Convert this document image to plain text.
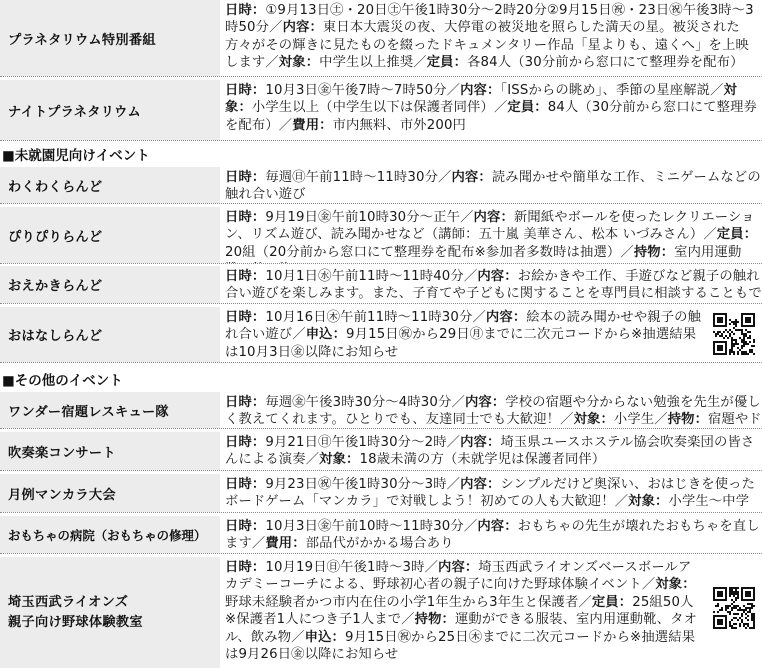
プラネタリウム特別番組
日時：①9月13日㊏・20日㊏午後1時30分～2時20分②9月15日㊗・23日㊗午後3時～3時50分／内容：東日本大震災の夜、大停電の被災地を照らした満天の星。被災された方々がその輝きに見たものを綴ったドキュメンタリー作品「星よりも、遠くへ」を上映します／対象：中学生以上推奨／定員：各84人（30分前から窓口にて整理券を配布）
ナイトプラネタリウム
日時：10月3日㊎午後7時～7時50分／内容：「ISSからの眺め」、季節の星座解説／対象：小学生以上（中学生以下は保護者同伴）／定員：84人（30分前から窓口にて整理券を配布）／費用：市内無料、市外200円
■未就園児向けイベント
わくわくらんど
日時：毎週㊐午前11時～11時30分／内容：読み聞かせや簡単な工作、ミニゲームなどの触れ合い遊び
ぴりぴりらんど
日時：9月19日㊎午前10時30分～正午／内容：新聞紙やボールを使ったレクリエーション、リズム遊び、読み聞かせなど（講師：五十嵐 美華さん、松本 いづみさん）／定員：20組（20分前から窓口にて整理券を配布※参加者多数時は抽選）／持物：室内用運動
おえかきらんど
日時：10月1日㊌午前11時～11時40分／内容：お絵かきや工作、手遊びなど親子の触れ合い遊びを楽しみます。また、子育てや子どもに関することを専門員に相談することもで
おはなしらんど
日時：10月16日㊍午前11時～11時30分／内容：絵本の読み聞かせや親子の触れ合い遊び／申込：9月15日㊗から29日㊊までに二次元コードから※抽選結果は10月3日㊎以降にお知らせ
■その他のイベント
ワンダー宿題レスキュー隊
日時：毎週㊎午後3時30分～4時30分／内容：学校の宿題や分からない勉強を先生が優しく教えてくれます。ひとりでも、友達同士でも大歓迎！／対象：小学生／持物：宿題やド
吹奏楽コンサート
日時：9月21日㊐午後1時30分～2時／内容：埼玉県ユースホステル協会吹奏楽団の皆さんによる演奏／対象：18歳未満の方（未就学児は保護者同伴）
月例マンカラ大会
日時：9月23日㊗午後1時30分～3時／内容：シンプルだけど奥深い、おはじきを使ったボードゲーム「マンカラ」で対戦しよう！初めての人も大歓迎！／対象：小学生～中学
おもちゃの病院（おもちゃの修理）
日時：10月3日㊎午前10時～11時30分／内容：おもちゃの先生が壊れたおもちゃを直します／費用：部品代がかかる場合あり
埼玉西武ライオンズ
親子向け野球体験教室
日時：10月19日㊐午後1時～3時／内容：埼玉西武ライオンズベースボールアカデミーコーチによる、野球初心者の親子に向けた野球体験イベント／対象：野球未経験者かつ市内在住の小学1年生から3年生と保護者／定員：25組50人※保護者1人につき子1人まで／持物：運動ができる服装、室内用運動靴、タオル、飲み物／申込：9月15日㊗から25日㊍までに二次元コードから※抽選結果は9月26日㊎以降にお知らせ
